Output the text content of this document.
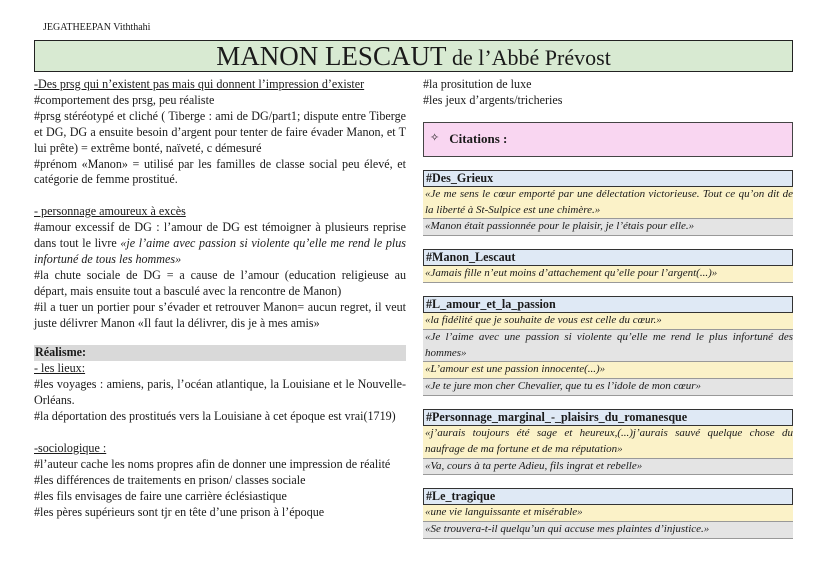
JEGATHEEPAN Viththahi
MANON LESCAUT de l’Abbé Prévost

-Des prsg qui n’existent pas mais qui donnent l’impression d’exister

#comportement des prsg, peu réaliste

#prsg stéréotypé et cliché ( Tiberge : ami de DG/part1; dispute entre Tiberge et DG, DG a ensuite besoin d’argent pour tenter de faire évader Manon, et T lui prête) = extrême bonté, naïveté, c démesuré

#prénom «Manon» = utilisé par les familles de classe social peu élevé, et catégorie de femme prostitué.

- personnage amoureux à excès

#amour excessif de DG : l’amour de DG est témoigner à plusieurs reprise dans tout le livre «je l’aime avec passion si violente qu’elle me rend le plus infortuné de tous les hommes»

#la chute sociale de DG = a cause de l’amour (education religieuse au départ, mais ensuite tout a basculé avec la rencontre de Manon)

#il a tuer un portier pour s’évader et retrouver Manon= aucun regret, il veut juste délivrer Manon «Il faut la délivrer, dis je à mes amis»

Réalisme:

- les lieux:

#les voyages : amiens, paris, l’océan atlantique, la Louisiane et le Nouvelle-Orléans.

#la déportation des prostitués vers la Louisiane à cet époque est vrai(1719)

-sociologique :

#l’auteur cache les noms propres afin de donner une impression de réalité

#les différences de traitements en prison/ classes sociale

#les fils envisages de faire une carrière éclésiastique

#les pères supérieurs sont tjr en tête d’une prison à l’époque

#la prositution de luxe

#les jeux d’argents/tricheries

✧ Citations :
#Des_Grieux
«Je me sens le cœur emporté par une délectation victorieuse. Tout ce qu’on dit de la liberté à St-Sulpice est une chimère.»
«Manon était passionnée pour le plaisir, je l’étais pour elle.»
#Manon_Lescaut
«Jamais fille n’eut moins d’attachement qu’elle pour l’argent(...)»
#L_amour_et_la_passion
«la fidélité que je souhaite de vous est celle du cœur.»
«Je l’aime avec une passion si violente qu’elle me rend le plus infortuné des hommes»
«L’amour est une passion innocente(...)»
«Je te jure mon cher Chevalier, que tu es l’idole de mon cœur»
#Personnage_marginal_-_plaisirs_du_romanesque
«j’aurais toujours été sage et heureux,(...)j’aurais sauvé quelque chose du naufrage de ma fortune et de ma réputation»
«Va, cours à ta perte Adieu, fils ingrat et rebelle»
#Le_tragique
«une vie languissante et misérable»
«Se trouvera-t-il quelqu’un qui accuse mes plaintes d’injustice.»
